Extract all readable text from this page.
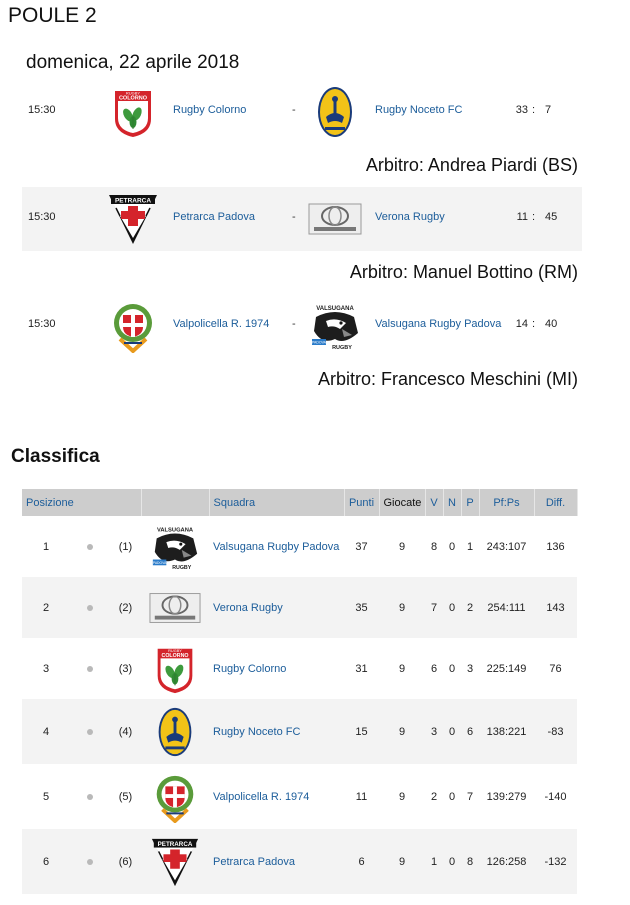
POULE 2
domenica, 22 aprile 2018
15:30	Rugby Colorno	-	Rugby Noceto FC	33 : 7
Arbitro: Andrea Piardi (BS)
15:30	Petrarca Padova	-	Verona Rugby	11 : 45
Arbitro: Manuel Bottino (RM)
15:30	Valpolicella R. 1974 -	Valsugana Rugby Padova	14 : 40
Arbitro: Francesco Meschini (MI)
Classifica
Posizione				Squadra	Punti	Giocate	V	N	P	Pf:Ps	Diff.
1		(1)		Valsugana Rugby Padova	37	9	8	0	1	243:107	136
2		(2)		Verona Rugby	35	9	7	0	2	254:111	143
3		(3)		Rugby Colorno	31	9	6	0	3	225:149	76
4		(4)		Rugby Noceto FC	15	9	3	0	6	138:221	-83
5		(5)		Valpolicella R. 1974	11	9	2	0	7	139:279	-140
6		(6)		Petrarca Padova	6	9	1	0	8	126:258	-132
